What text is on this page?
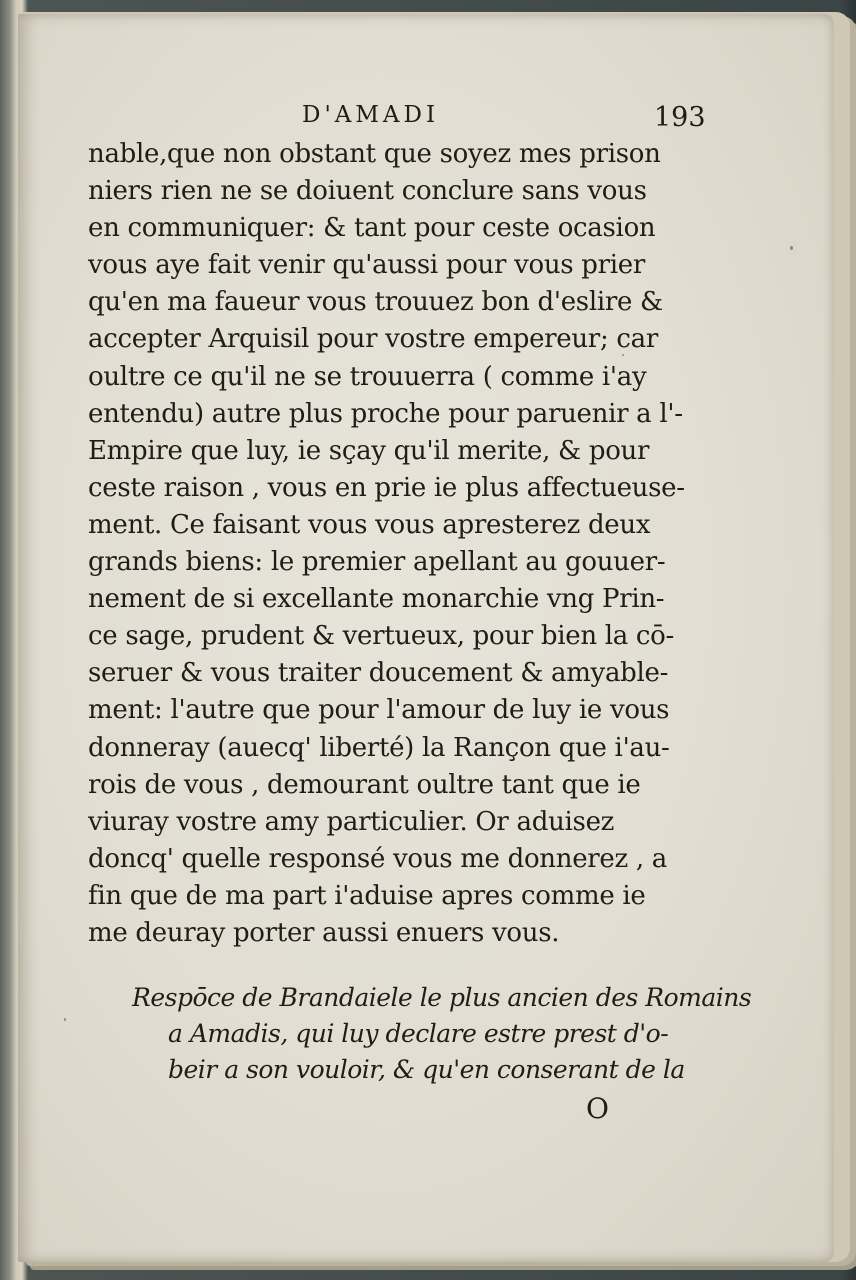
D'AMADI	193
nable,que non obstant que soyez mes prison
niers rien ne se doiuent conclure sans vous
en communiquer: & tant pour ceste ocasion
vous aye fait venir qu'aussi pour vous prier
qu'en ma faueur vous trouuez bon d'eslire &
accepter Arquisil pour vostre empereur; car
oultre ce qu'il ne se trouuerra ( comme i'ay
entendu) autre plus proche pour paruenir a l'-
Empire que luy, ie sçay qu'il merite, & pour
ceste raison , vous en prie ie plus affectueuse-
ment. Ce faisant vous vous apresterez deux
grands biens: le premier apellant au gouuer-
nement de si excellante monarchie vng Prin-
ce sage, prudent & vertueux, pour bien la cō-
seruer & vous traiter doucement & amyable-
ment: l'autre que pour l'amour de luy ie vous
donneray (auecq' liberté) la Rançon que i'au-
rois de vous , demourant oultre tant que ie
viuray vostre amy particulier. Or aduisez
doncq' quelle responsé vous me donnerez , a
fin que de ma part i'aduise apres comme ie
me deuray porter aussi enuers vous.
Respōce de Brandaiele le plus ancien des Romains
a Amadis, qui luy declare estre prest d'o-
beir a son vouloir, & qu'en conserant de la
O
